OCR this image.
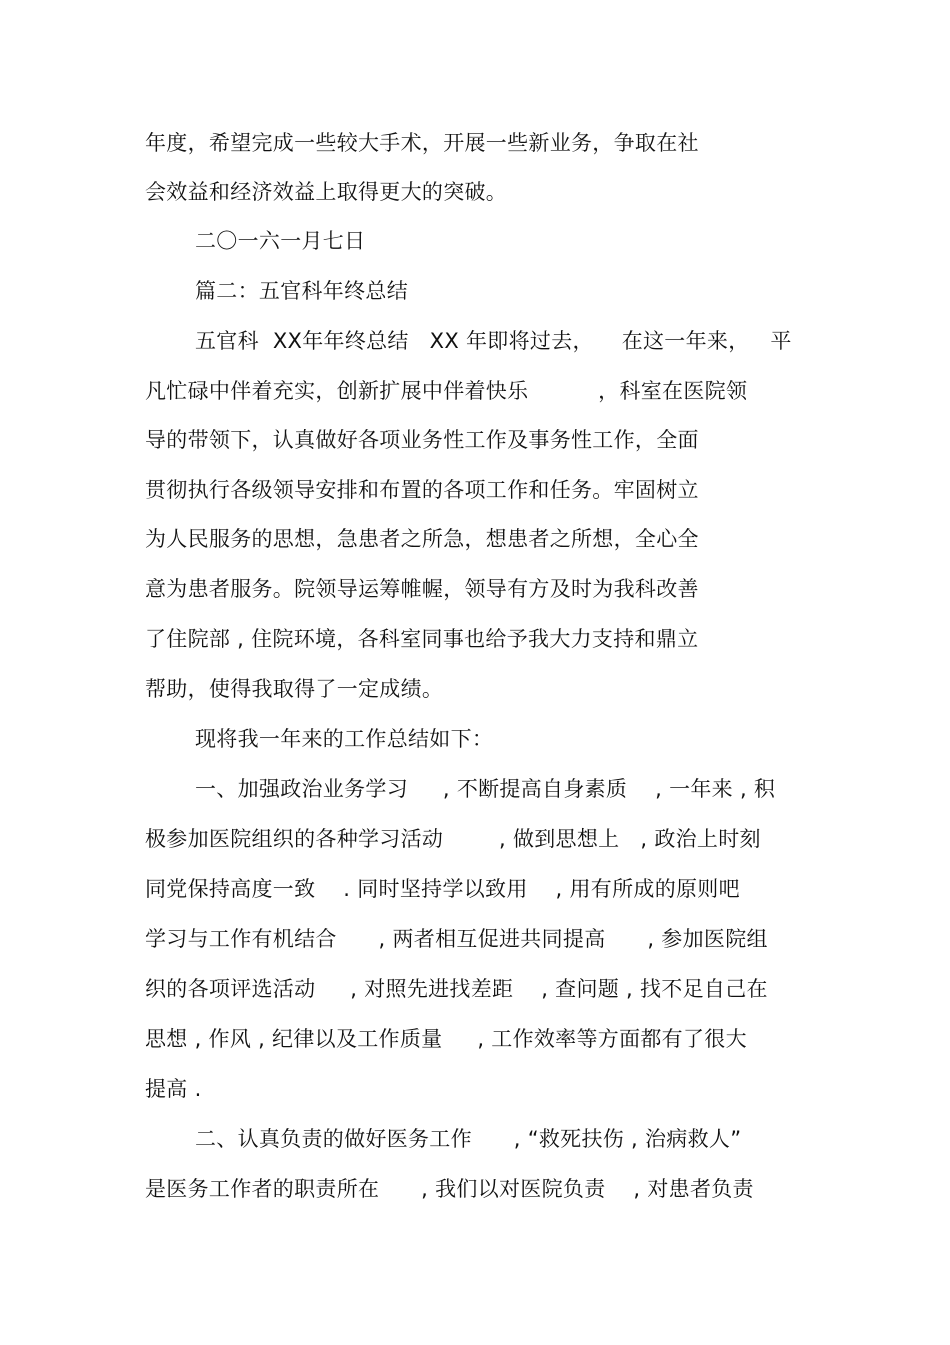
年度，希望完成一些较大手术，开展一些新业务，争取在社
会效益和经济效益上取得更大的突破。
二〇一六一月七日
篇二：五官科年终总结
五官科  XX年年终总结   XX 年即将过去，    在这一年来，   平
凡忙碌中伴着充实，创新扩展中伴着快乐          ，科室在医院领
导的带领下，认真做好各项业务性工作及事务性工作，全面
贯彻执行各级领导安排和布置的各项工作和任务。牢固树立
为人民服务的思想，急患者之所急，想患者之所想，全心全
意为患者服务。院领导运筹帷幄，领导有方及时为我科改善
了住院部 , 住院环境，各科室同事也给予我大力支持和鼎立
帮助，使得我取得了一定成绩。
现将我一年来的工作总结如下：
一、加强政治业务学习     , 不断提高自身素质    , 一年来 , 积
极参加医院组织的各种学习活动        , 做到思想上   , 政治上时刻
同党保持高度一致    . 同时坚持学以致用    , 用有所成的原则吧
学习与工作有机结合      , 两者相互促进共同提高      , 参加医院组
织的各项评选活动     , 对照先进找差距    , 查问题 , 找不足自己在
思想 , 作风 , 纪律以及工作质量     , 工作效率等方面都有了很大
提高 .
二、认真负责的做好医务工作      , “救死扶伤 , 治病救人”
是医务工作者的职责所在      , 我们以对医院负责    , 对患者负责
